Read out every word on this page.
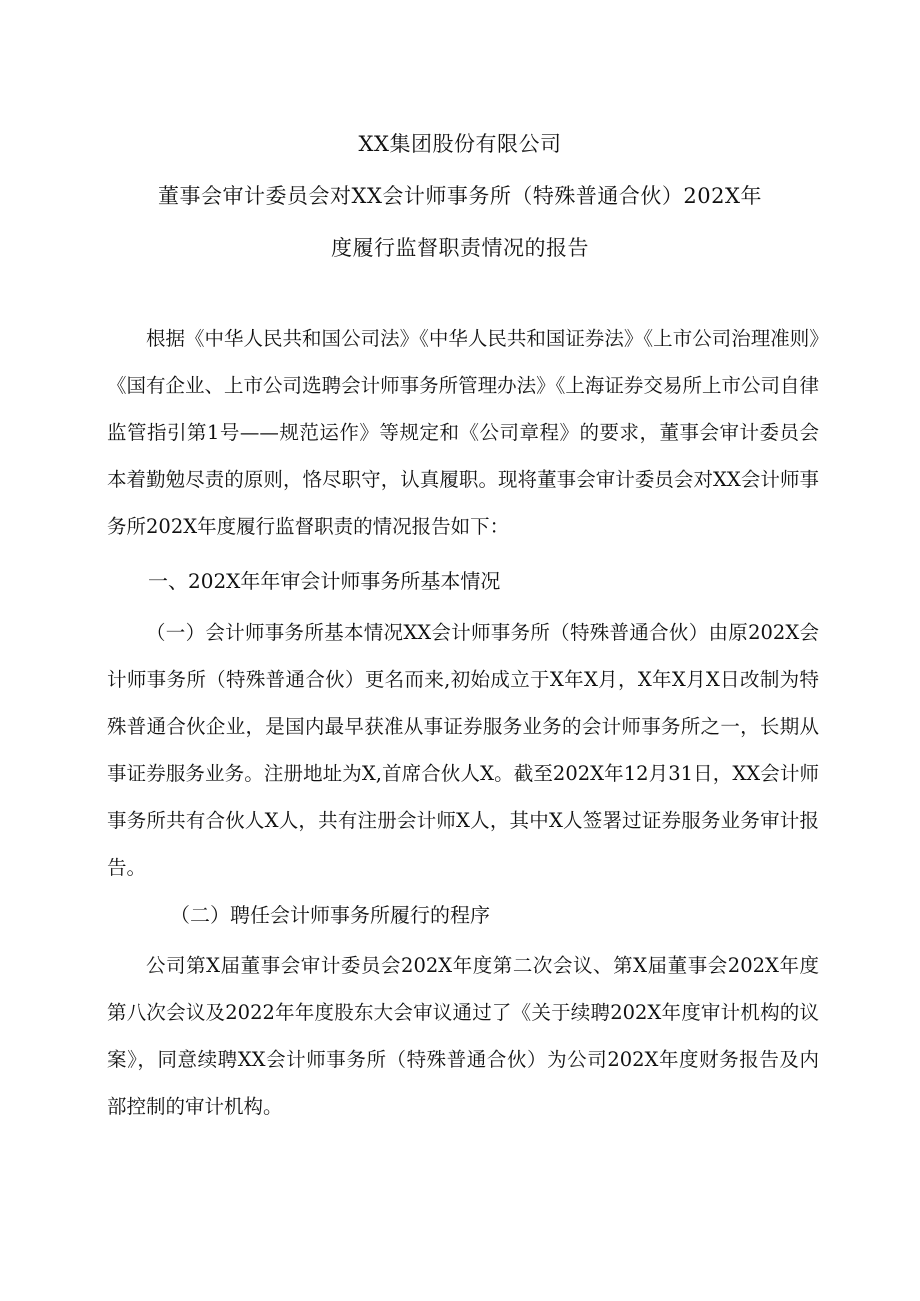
XX集团股份有限公司
董事会审计委员会对XX会计师事务所（特殊普通合伙）202X年
度履行监督职责情况的报告

根据《中华人民共和国公司法》《中华人民共和国证券法》《上市公司治理准则》《国有企业、上市公司选聘会计师事务所管理办法》《上海证券交易所上市公司自律监管指引第1号——规范运作》等规定和《公司章程》的要求，董事会审计委员会本着勤勉尽责的原则，恪尽职守，认真履职。现将董事会审计委员会对XX会计师事务所202X年度履行监督职责的情况报告如下：

一、202X年年审会计师事务所基本情况

（一）会计师事务所基本情况XX会计师事务所（特殊普通合伙）由原202X会计师事务所（特殊普通合伙）更名而来,初始成立于X年X月，X年X月X日改制为特殊普通合伙企业，是国内最早获准从事证券服务业务的会计师事务所之一，长期从事证券服务业务。注册地址为X,首席合伙人X。截至202X年12月31日，XX会计师事务所共有合伙人X人，共有注册会计师X人，其中X人签署过证券服务业务审计报告。

（二）聘任会计师事务所履行的程序

公司第X届董事会审计委员会202X年度第二次会议、第X届董事会202X年度第八次会议及2022年年度股东大会审议通过了《关于续聘202X年度审计机构的议案》，同意续聘XX会计师事务所（特殊普通合伙）为公司202X年度财务报告及内部控制的审计机构。
